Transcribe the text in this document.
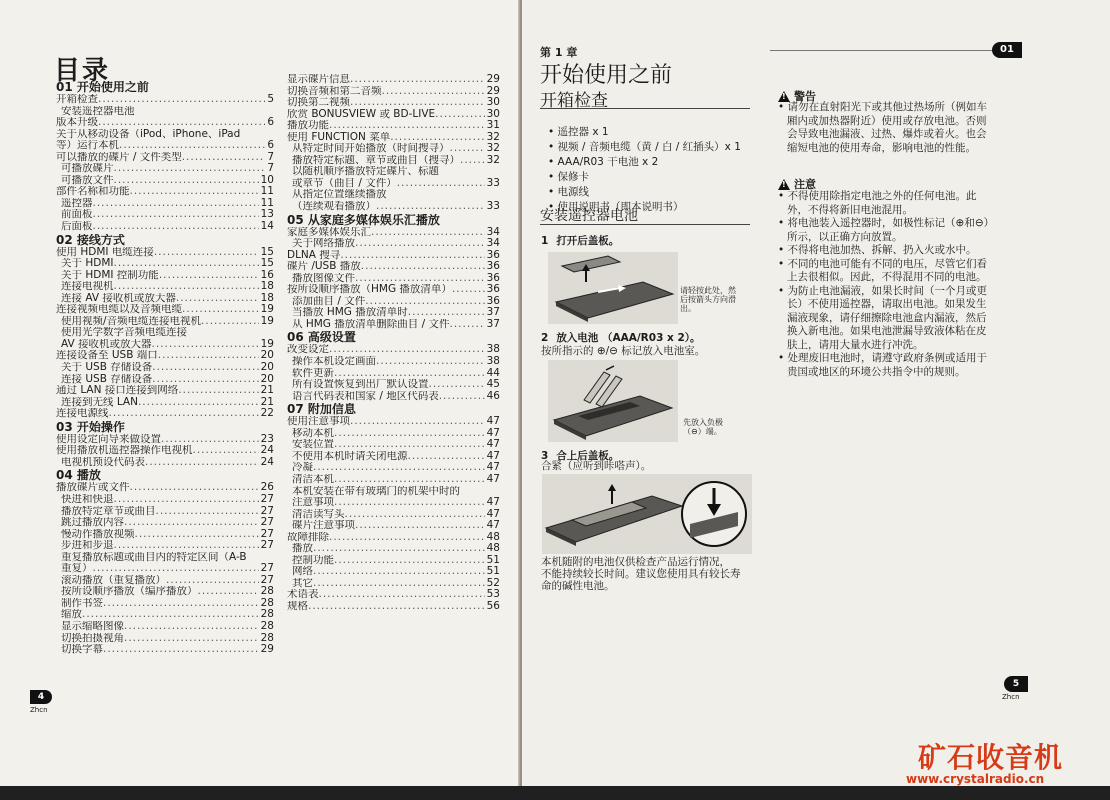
目录
01 开始使用之前
开箱检查 .....	5
安装遥控器电池
版本升级 .....	6
关于从移动设备（iPod、iPhone、iPad
等）运行本机 .....	6
可以播放的碟片 / 文件类型 .....	7
可播放碟片 .....	7
可播放文件 .....	10
部件名称和功能 .....	11
遥控器 .....	11
前面板 .....	13
后面板 .....	14
02 接线方式
使用 HDMI 电缆连接 .....	15
关于 HDMI .....	15
关于 HDMI 控制功能 .....	16
连接电视机 .....	18
连接 AV 接收机或放大器 .....	18
连接视频电缆以及音频电缆 .....	19
使用视频/音频电缆连接电视机 .....	19
使用光学数字音频电缆连接
AV 接收机或放大器 .....	19
连接设备至 USB 端口 .....	20
关于 USB 存储设备 .....	20
连接 USB 存储设备 .....	20
通过 LAN 接口连接到网络 .....	21
连接到无线 LAN .....	21
连接电源线 .....	22
03 开始操作
使用设定向导来做设置 .....	23
使用播放机遥控器操作电视机 .....	24
电视机预设代码表 .....	24
04 播放
播放碟片或文件 .....	26
快进和快退 .....	27
播放特定章节或曲目 .....	27
跳过播放内容 .....	27
慢动作播放视频 .....	27
步进和步退 .....	27
重复播放标题或曲目内的特定区间（A-B
重复） .....	27
滚动播放（重复播放） .....	27
按所设顺序播放（编序播放） .....	28
制作书签 .....	28
缩放 .....	28
显示缩略图像 .....	28
切换拍摄视角 .....	28
切换字幕 .....	29
显示碟片信息 .....	29
切换音频和第二音频 .....	29
切换第二视频 .....	30
欣赏 BONUSVIEW 或 BD-LIVE .....	30
播放功能 .....	31
使用 FUNCTION 菜单 .....	32
从特定时间开始播放（时间搜寻） .....	32
播放特定标题、章节或曲目（搜寻） .....	32
以随机顺序播放特定碟片、标题
或章节（曲目 / 文件） .....	33
从指定位置继续播放
（连续观看播放） .....	33
05 从家庭多媒体娱乐汇播放
家庭多媒体娱乐汇 .....	34
关于网络播放 .....	34
DLNA 搜寻 .....	36
碟片 /USB 播放 .....	36
播放图像文件 .....	36
按所设顺序播放（HMG 播放清单） .....	36
添加曲目 / 文件 .....	36
当播放 HMG 播放清单时 .....	37
从 HMG 播放清单删除曲目 / 文件 .....	37
06 高级设置
改变设定 .....	38
操作本机设定画面 .....	38
软件更新 .....	44
所有设置恢复到出厂默认设置 .....	45
语言代码表和国家 / 地区代码表 .....	46
07 附加信息
使用注意事项 .....	47
移动本机 .....	47
安装位置 .....	47
不使用本机时请关闭电源 .....	47
冷凝 .....	47
清洁本机 .....	47
本机安装在带有玻璃门的机架中时的
注意事项 .....	47
清洁读写头 .....	47
碟片注意事项 .....	47
故障排除 .....	48
播放 .....	48
控制功能 .....	51
网络 .....	51
其它 .....	52
术语表 .....	53
规格 .....	56
4
Zhcn
01
第 1 章
开始使用之前
开箱检查
• 遥控器 x 1
• 视频 / 音频电缆（黄 / 白 / 红插头）x 1
• AAA/R03 干电池 x 2
• 保修卡
• 电源线
• 使用说明书（即本说明书）
安装遥控器电池
1 打开后盖板。
请轻按此处，然
后按箭头方向滑
出。
2 放入电池 （AAA/R03 x 2）。
按所指示的 ⊕/⊖ 标记放入电池室。
先放入负极
（⊖）端。
3 合上后盖板。
合紧（应听到咔嗒声）。
本机随附的电池仅供检查产品运行情况，
不能持续较长时间。建议您使用具有较长寿
命的碱性电池。
!
警告
• 请勿在直射阳光下或其他过热场所（例如车厢内或加热器附近）使用或存放电池。否则会导致电池漏液、过热、爆炸或着火。也会缩短电池的使用寿命，影响电池的性能。
!
注意
• 不得使用除指定电池之外的任何电池。此外，不得将新旧电池混用。
• 将电池装入遥控器时，如极性标记（⊕和⊖）所示，以正确方向放置。
• 不得将电池加热、拆解、扔入火或水中。
• 不同的电池可能有不同的电压，尽管它们看上去很相似。因此，不得混用不同的电池。
• 为防止电池漏液，如果长时间（一个月或更长）不使用遥控器，请取出电池。如果发生漏液现象，请仔细擦除电池盒内漏液，然后换入新电池。如果电池泄漏导致液体粘在皮肤上，请用大量水进行冲洗。
• 处理废旧电池时，请遵守政府条例或适用于贵国或地区的环境公共指令中的规则。
5
Zhcn
矿石收音机
www.crystalradio.cn
